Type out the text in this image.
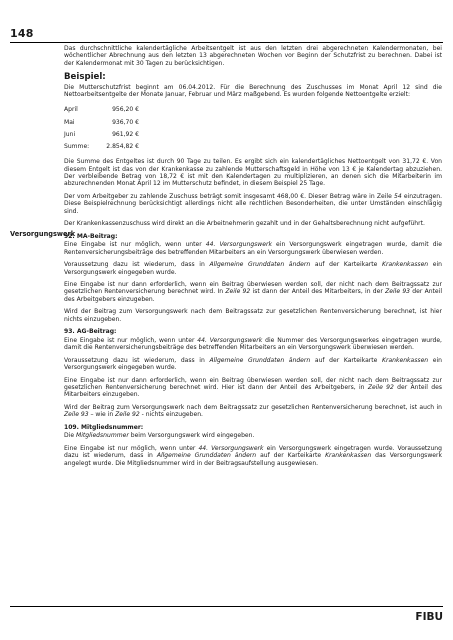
148
Versorgungswerk

Das durchschnittliche kalendertägliche Arbeitsentgelt ist aus den letzten drei abgerechneten Kalendermonaten, bei wöchentlicher Abrechnung aus den letzten 13 abgerechneten Wochen vor Beginn der Schutzfrist zu berechnen. Dabei ist der Kalendermonat mit 30 Tagen zu berücksichtigen.

Beispiel:

Die Mutterschutzfrist beginnt am 06.04.2012. Für die Berechnung des Zuschusses im Monat April 12 sind die Nettoarbeitsentgelte der Monate Januar, Februar und März maßgebend. Es wurden folgende Nettoentgelte erzielt:

April	956,20 €
Mai	936,70 €
Juni	961,92 €
Summe:	2.854,82 €

Die Summe des Entgeltes ist durch 90 Tage zu teilen. Es ergibt sich ein kalendertägliches Nettoentgelt von 31,72 €. Von diesem Entgelt ist das von der Krankenkasse zu zahlende Mutterschaftsgeld in Höhe von 13 € je Kalendertag abzuziehen. Der verbleibende Betrag von 18,72 € ist mit den Kalendertagen zu multiplizieren, an denen sich die Mitarbeiterin im abzurechnenden Monat April 12 im Mutterschutz befindet, in diesem Beispiel 25 Tage.

Der vom Arbeitgeber zu zahlende Zuschuss beträgt somit insgesamt 468,00 €. Dieser Betrag wäre in Zeile 54 einzutragen. Diese Beispielrechnung berücksichtigt allerdings nicht alle rechtlichen Besonderheiten, die unter Umständen einschlägig sind.

Der Krankenkassenzuschuss wird direkt an die Arbeitnehmerin gezahlt und in der Gehaltsberechnung nicht aufgeführt.

92. MA-Beitrag:

Eine Eingabe ist nur möglich, wenn unter 44. Versorgungswerk ein Versorgungswerk eingetragen wurde, damit die Rentenversicherungsbeiträge des betreffenden Mitarbeiters an ein Versorgungswerk überwiesen werden.

Voraussetzung dazu ist wiederum, dass in Allgemeine Grunddaten ändern auf der Karteikarte Krankenkassen ein Versorgungswerk eingegeben wurde.

Eine Eingabe ist nur dann erforderlich, wenn ein Beitrag überwiesen werden soll, der nicht nach dem Beitragssatz zur gesetzlichen Rentenversicherung berechnet wird. In Zeile 92 ist dann der Anteil des Mitarbeiters, in der Zeile 93 der Anteil des Arbeitgebers einzugeben.

Wird der Beitrag zum Versorgungswerk nach dem Beitragssatz zur gesetzlichen Rentenversicherung berechnet, ist hier nichts einzugeben.

93. AG-Beitrag:

Eine Eingabe ist nur möglich, wenn unter 44. Versorgungswerk die Nummer des Versorgungswerkes eingetragen wurde, damit die Rentenversicherungsbeiträge des betreffenden Mitarbeiters an ein Versorgungswerk überwiesen werden.

Voraussetzung dazu ist wiederum, dass in Allgemeine Grunddaten ändern auf der Karteikarte Krankenkassen ein Versorgungswerk eingegeben wurde.

Eine Eingabe ist nur dann erforderlich, wenn ein Beitrag überwiesen werden soll, der nicht nach dem Beitragssatz zur gesetzlichen Rentenversicherung berechnet wird. Hier ist dann der Anteil des Arbeitgebers, in Zeile 92 der Anteil des Mitarbeiters einzugeben.

Wird der Beitrag zum Versorgungswerk nach dem Beitragssatz zur gesetzlichen Rentenversicherung berechnet, ist auch in Zeile 93 – wie in Zeile 92 - nichts einzugeben.

109. Mitgliedsnummer:

Die Mitgliedsnummer beim Versorgungswerk wird eingegeben.

Eine Eingabe ist nur möglich, wenn unter 44. Versorgungswerk ein Versorgungswerk eingetragen wurde. Voraussetzung dazu ist wiederum, dass in Allgemeine Grunddaten ändern auf der Karteikarte Krankenkassen das Versorgungswerk angelegt wurde. Die Mitgliedsnummer wird in der Beitragsaufstellung ausgewiesen.

FIBU
